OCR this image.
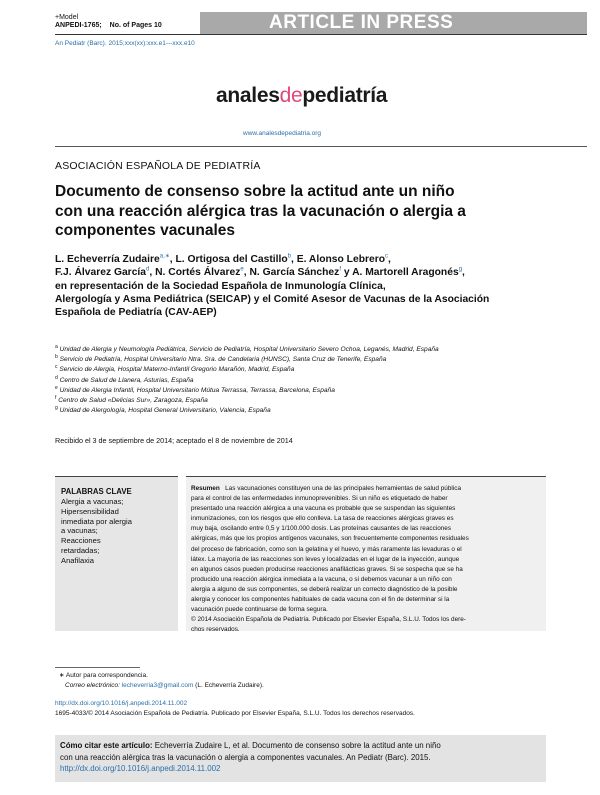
+Model
ANPEDI-1765; No. of Pages 10	ARTICLE IN PRESS
An Pediatr (Barc). 2015;xxx(xx):xxx.e1---xxx.e10
analesdepediatría
www.analesdepediatria.org
ASOCIACIÓN ESPAÑOLA DE PEDIATRÍA
Documento de consenso sobre la actitud ante un niño
con una reacción alérgica tras la vacunación o alergia a
componentes vacunales
L. Echeverría Zudaire$^{a,∗}$, L. Ortigosa del Castillo$^b$, E. Alonso Lebrero$^c$,
F.J. Álvarez García$^d$, N. Cortés Álvarez$^e$, N. García Sánchez$^f$ y A. Martorell Aragonés$^g$,
en representación de la Sociedad Española de Inmunología Clínica,
Alergología y Asma Pediátrica (SEICAP) y el Comité Asesor de Vacunas de la Asociación
Española de Pediatría (CAV-AEP)
$^a$ Unidad de Alergia y Neumología Pediátrica, Servicio de Pediatría, Hospital Universitario Severo Ochoa, Leganés, Madrid, España
$^b$ Servicio de Pediatría, Hospital Universitario Ntra. Sra. de Candelaria (HUNSC), Santa Cruz de Tenerife, España
$^c$ Servicio de Alergia, Hospital Materno-Infantil Gregorio Marañón, Madrid, España
$^d$ Centro de Salud de Llanera, Asturias, España
$^e$ Unidad de Alergia Infantil, Hospital Universitario Mútua Terrassa, Terrassa, Barcelona, España
$^f$ Centro de Salud «Delicias Sur», Zaragoza, España
$^g$ Unidad de Alergología, Hospital General Universitario, Valencia, España
Recibido el 3 de septiembre de 2014; aceptado el 8 de noviembre de 2014
PALABRAS CLAVE
Alergia a vacunas;
Hipersensibilidad
inmediata por alergia
a vacunas;
Reacciones
retardadas;
Anafilaxia
Resumen Las vacunaciones constituyen una de las principales herramientas de salud pública
para el control de las enfermedades inmunoprevenibles. Si un niño es etiquetado de haber
presentado una reacción alérgica a una vacuna es probable que se suspendan las siguientes
inmunizaciones, con los riesgos que ello conlleva. La tasa de reacciones alérgicas graves es
muy baja, oscilando entre 0,5 y 1/100.000 dosis. Las proteínas causantes de las reacciones
alérgicas, más que los propios antígenos vacunales, son frecuentemente componentes residuales
del proceso de fabricación, como son la gelatina y el huevo, y más raramente las levaduras o el
látex. La mayoría de las reacciones son leves y localizadas en el lugar de la inyección, aunque
en algunos casos pueden producirse reacciones anafilácticas graves. Si se sospecha que se ha
producido una reacción alérgica inmediata a la vacuna, o si debemos vacunar a un niño con
alergia a alguno de sus componentes, se deberá realizar un correcto diagnóstico de la posible
alergia y conocer los componentes habituales de cada vacuna con el fin de determinar si la
vacunación puede continuarse de forma segura.
© 2014 Asociación Española de Pediatría. Publicado por Elsevier España, S.L.U. Todos los dere-
chos reservados.
∗ Autor para correspondencia.
Correo electrónico: lecheverria3@gmail.com (L. Echeverría Zudaire).
http://dx.doi.org/10.1016/j.anpedi.2014.11.002
1695-4033/© 2014 Asociación Española de Pediatría. Publicado por Elsevier España, S.L.U. Todos los derechos reservados.
Cómo citar este artículo: Echeverría Zudaire L, et al. Documento de consenso sobre la actitud ante un niño
con una reacción alérgica tras la vacunación o alergia a componentes vacunales. An Pediatr (Barc). 2015.
http://dx.doi.org/10.1016/j.anpedi.2014.11.002
